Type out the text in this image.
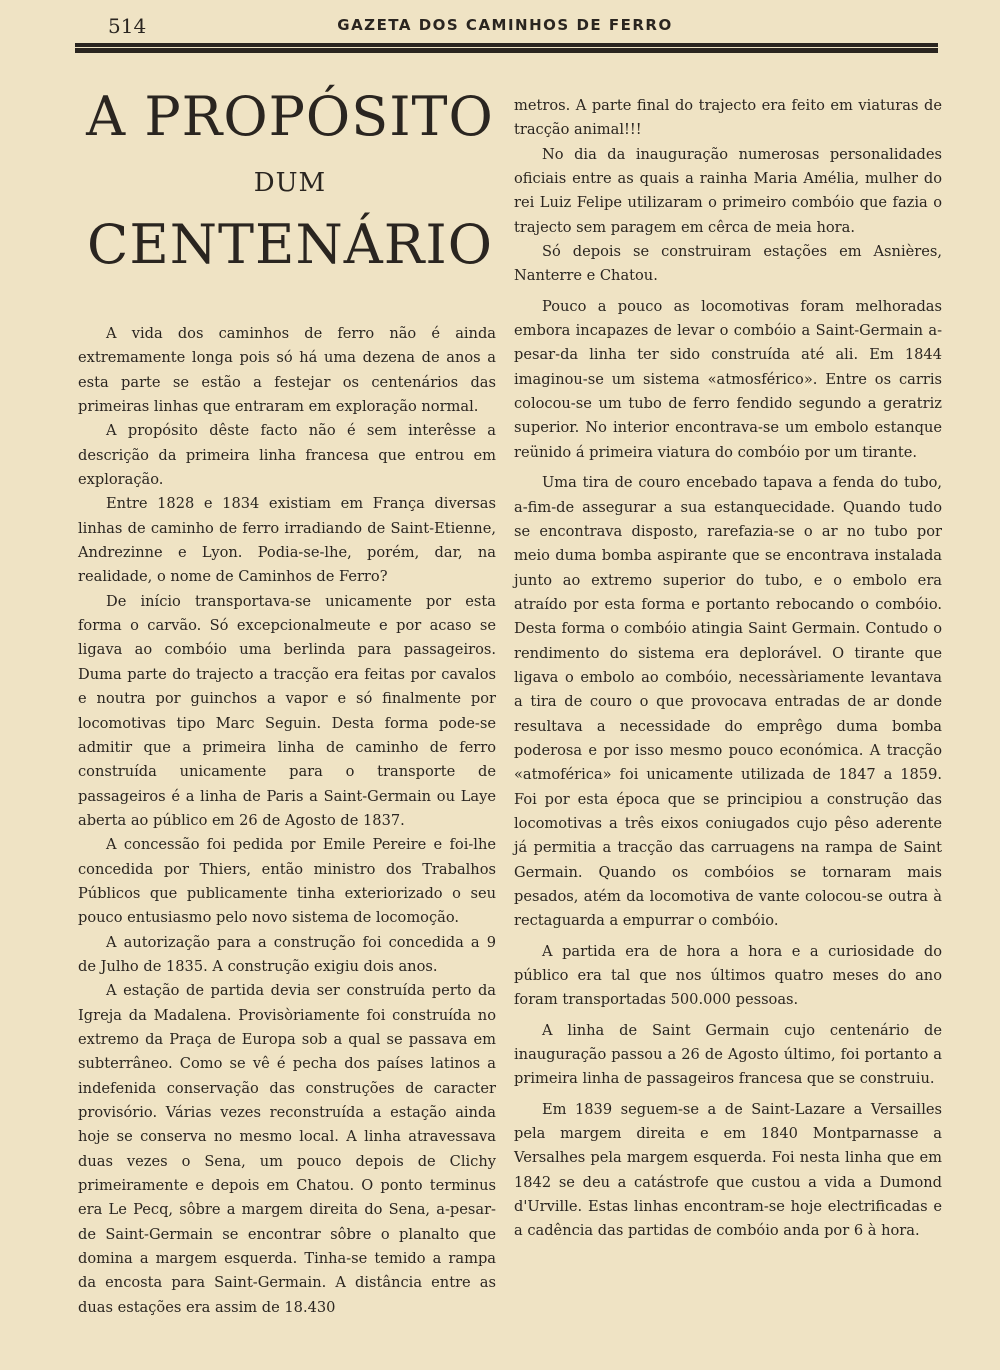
514	GAZETA DOS CAMINHOS DE FERRO
A PROPÓSITO
DUM
CENTENÁRIO

A vida dos caminhos de ferro não é ainda extremamente longa pois só há uma dezena de anos a esta parte se estão a festejar os centenários das primeiras linhas que entraram em exploração normal.

A propósito dêste facto não é sem interêsse a descrição da primeira linha francesa que entrou em exploração.

Entre 1828 e 1834 existiam em França diversas linhas de caminho de ferro irradiando de Saint-Etienne, Andrezinne e Lyon. Podia-se-lhe, porém, dar, na realidade, o nome de Caminhos de Ferro?

De início transportava-se unicamente por esta forma o carvão. Só excepcionalmeute e por acaso se ligava ao combóio uma berlinda para passageiros. Duma parte do trajecto a tracção era feitas por cavalos e noutra por guinchos a vapor e só finalmente por locomotivas tipo Marc Seguin. Desta forma pode-se admitir que a primeira linha de caminho de ferro construída unicamente para o transporte de passageiros é a linha de Paris a Saint-Germain ou Laye aberta ao público em 26 de Agosto de 1837.

A concessão foi pedida por Emile Pereire e foi-lhe concedida por Thiers, então ministro dos Trabalhos Públicos que publicamente tinha exteriorizado o seu pouco entusiasmo pelo novo sistema de locomoção.

A autorização para a construção foi concedida a 9 de Julho de 1835. A construção exigiu dois anos.

A estação de partida devia ser construída perto da Igreja da Madalena. Provisòriamente foi construída no extremo da Praça de Europa sob a qual se passava em subterrâneo. Como se vê é pecha dos países latinos a indefenida conservação das construções de caracter provisório. Várias vezes reconstruída a estação ainda hoje se conserva no mesmo local. A linha atravessava duas vezes o Sena, um pouco depois de Clichy primeiramente e depois em Chatou. O ponto terminus era Le Pecq, sôbre a margem direita do Sena, a-pesar-de Saint-Germain se encontrar sôbre o planalto que domina a margem esquerda. Tinha-se temido a rampa da encosta para Saint-Germain. A distância entre as duas estações era assim de 18.430

metros. A parte final do trajecto era feito em viaturas de tracção animal!!!

No dia da inauguração numerosas personalidades oficiais entre as quais a rainha Maria Amélia, mulher do rei Luiz Felipe utilizaram o primeiro combóio que fazia o trajecto sem paragem em cêrca de meia hora.

Só depois se construiram estações em Asnières, Nanterre e Chatou.

Pouco a pouco as locomotivas foram melhoradas embora incapazes de levar o combóio a Saint-Germain a-pesar-da linha ter sido construída até ali. Em 1844 imaginou-se um sistema «atmosférico». Entre os carris colocou-se um tubo de ferro fendido segundo a geratriz superior. No interior encontrava-se um embolo estanque reünido á primeira viatura do combóio por um tirante.

Uma tira de couro encebado tapava a fenda do tubo, a-fim-de assegurar a sua estanquecidade. Quando tudo se encontrava disposto, rarefazia-se o ar no tubo por meio duma bomba aspirante que se encontrava instalada junto ao extremo superior do tubo, e o embolo era atraído por esta forma e portanto rebocando o combóio. Desta forma o combóio atingia Saint Germain. Contudo o rendimento do sistema era deplorável. O tirante que ligava o embolo ao combóio, necessàriamente levantava a tira de couro o que provocava entradas de ar donde resultava a necessidade do emprêgo duma bomba poderosa e por isso mesmo pouco económica. A tracção «atmoférica» foi unicamente utilizada de 1847 a 1859. Foi por esta época que se principiou a construção das locomotivas a três eixos coniugados cujo pêso aderente já permitia a tracção das carruagens na rampa de Saint Germain. Quando os combóios se tornaram mais pesados, atém da locomotiva de vante colocou-se outra à rectaguarda a empurrar o combóio.

A partida era de hora a hora e a curiosidade do público era tal que nos últimos quatro meses do ano foram transportadas 500.000 pessoas.

A linha de Saint Germain cujo centenário de inauguração passou a 26 de Agosto último, foi portanto a primeira linha de passageiros francesa que se construiu.

Em 1839 seguem-se a de Saint-Lazare a Versailles pela margem direita e em 1840 Montparnasse a Versalhes pela margem esquerda. Foi nesta linha que em 1842 se deu a catástrofe que custou a vida a Dumond d'Urville. Estas linhas encontram-se hoje electrificadas e a cadência das partidas de combóio anda por 6 à hora.
